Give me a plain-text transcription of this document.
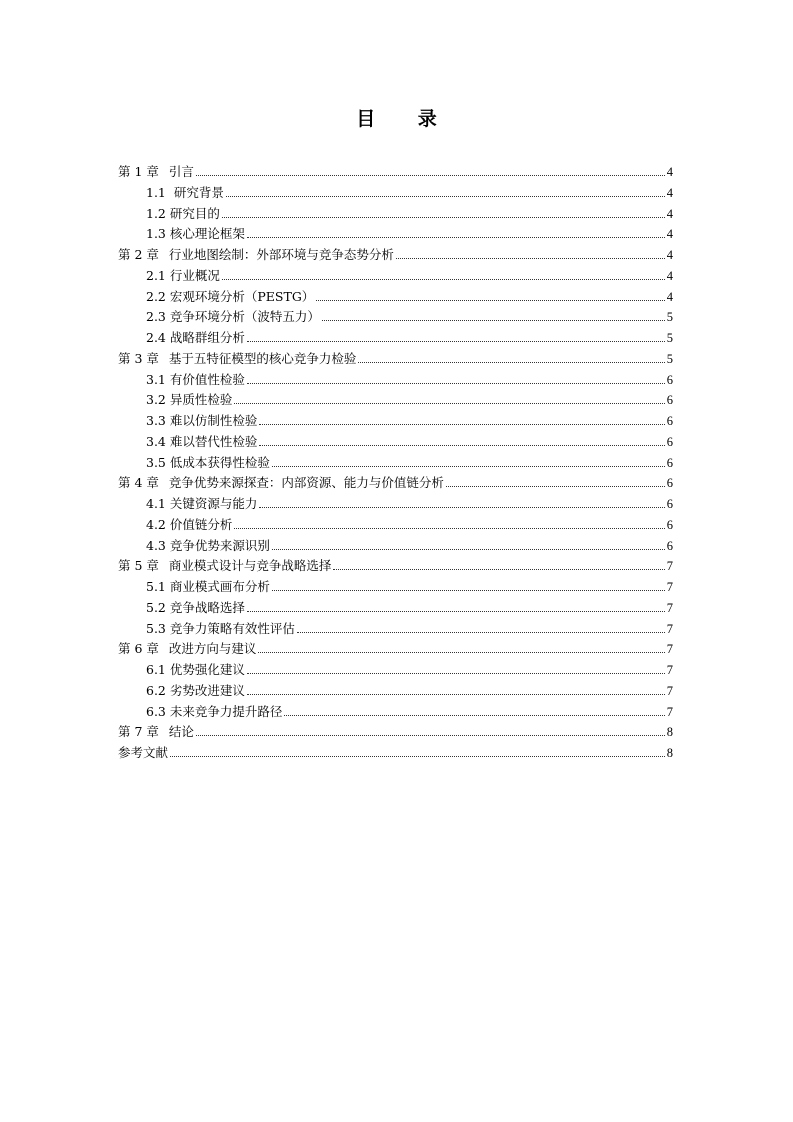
目 录
第 1 章 引言	4
1.1 研究背景	4
1.2 研究目的	4
1.3 核心理论框架	4
第 2 章 行业地图绘制：外部环境与竞争态势分析	4
2.1 行业概况	4
2.2 宏观环境分析（PESTG）	4
2.3 竞争环境分析（波特五力）	5
2.4 战略群组分析	5
第 3 章 基于五特征模型的核心竞争力检验	5
3.1 有价值性检验	6
3.2 异质性检验	6
3.3 难以仿制性检验	6
3.4 难以替代性检验	6
3.5 低成本获得性检验	6
第 4 章 竞争优势来源探查：内部资源、能力与价值链分析	6
4.1 关键资源与能力	6
4.2 价值链分析	6
4.3 竞争优势来源识别	6
第 5 章 商业模式设计与竞争战略选择	7
5.1 商业模式画布分析	7
5.2 竞争战略选择	7
5.3 竞争力策略有效性评估	7
第 6 章 改进方向与建议	7
6.1 优势强化建议	7
6.2 劣势改进建议	7
6.3 未来竞争力提升路径	7
第 7 章 结论	8
参考文献	8
